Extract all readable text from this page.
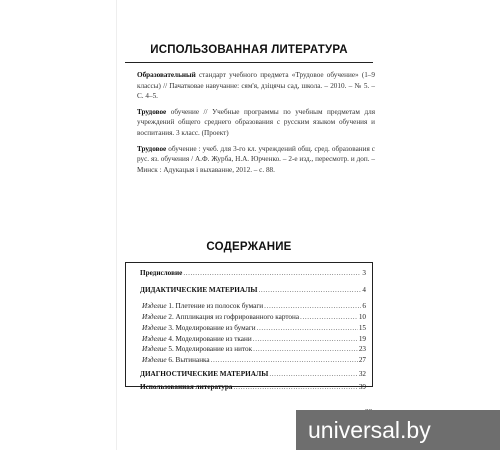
ИСПОЛЬЗОВАННАЯ ЛИТЕРАТУРА

Образовательный стандарт учебного предмета «Трудовое обучение» (1–9 классы) // Пачатковае навучанне: сям'я, дзіцячы сад, школа. – 2010. – № 5. – С. 4–5.

Трудовое обучение // Учебные программы по учебным предметам для учреждений общего среднего образования с русским языком обучения и воспитания. 3 класс. (Проект)

Трудовое обучение : учеб. для 3-го кл. учреждений общ. сред. образования с рус. яз. обучения / А.Ф. Журба, Н.А. Юрченко. – 2-е изд., пересмотр. и доп. – Минск : Адукацыя і выхаванне, 2012. – с. 88.

СОДЕРЖАНИЕ
Предисловие . . .	3
ДИДАКТИЧЕСКИЕ МАТЕРИАЛЫ . . .	4
Изделие 1. Плетение из полосок бумаги . . .	6
Изделие 2. Аппликация из гофрированного картона . . .	10
Изделие 3. Моделирование из бумаги . . .	15
Изделие 4. Моделирование из ткани . . .	19
Изделие 5. Моделирование из ниток . . .	23
Изделие 6. Вытинанка . . .	27
ДИАГНОСТИЧЕСКИЕ МАТЕРИАЛЫ . . .	32
Использованная литература . . .	39
universal.by
